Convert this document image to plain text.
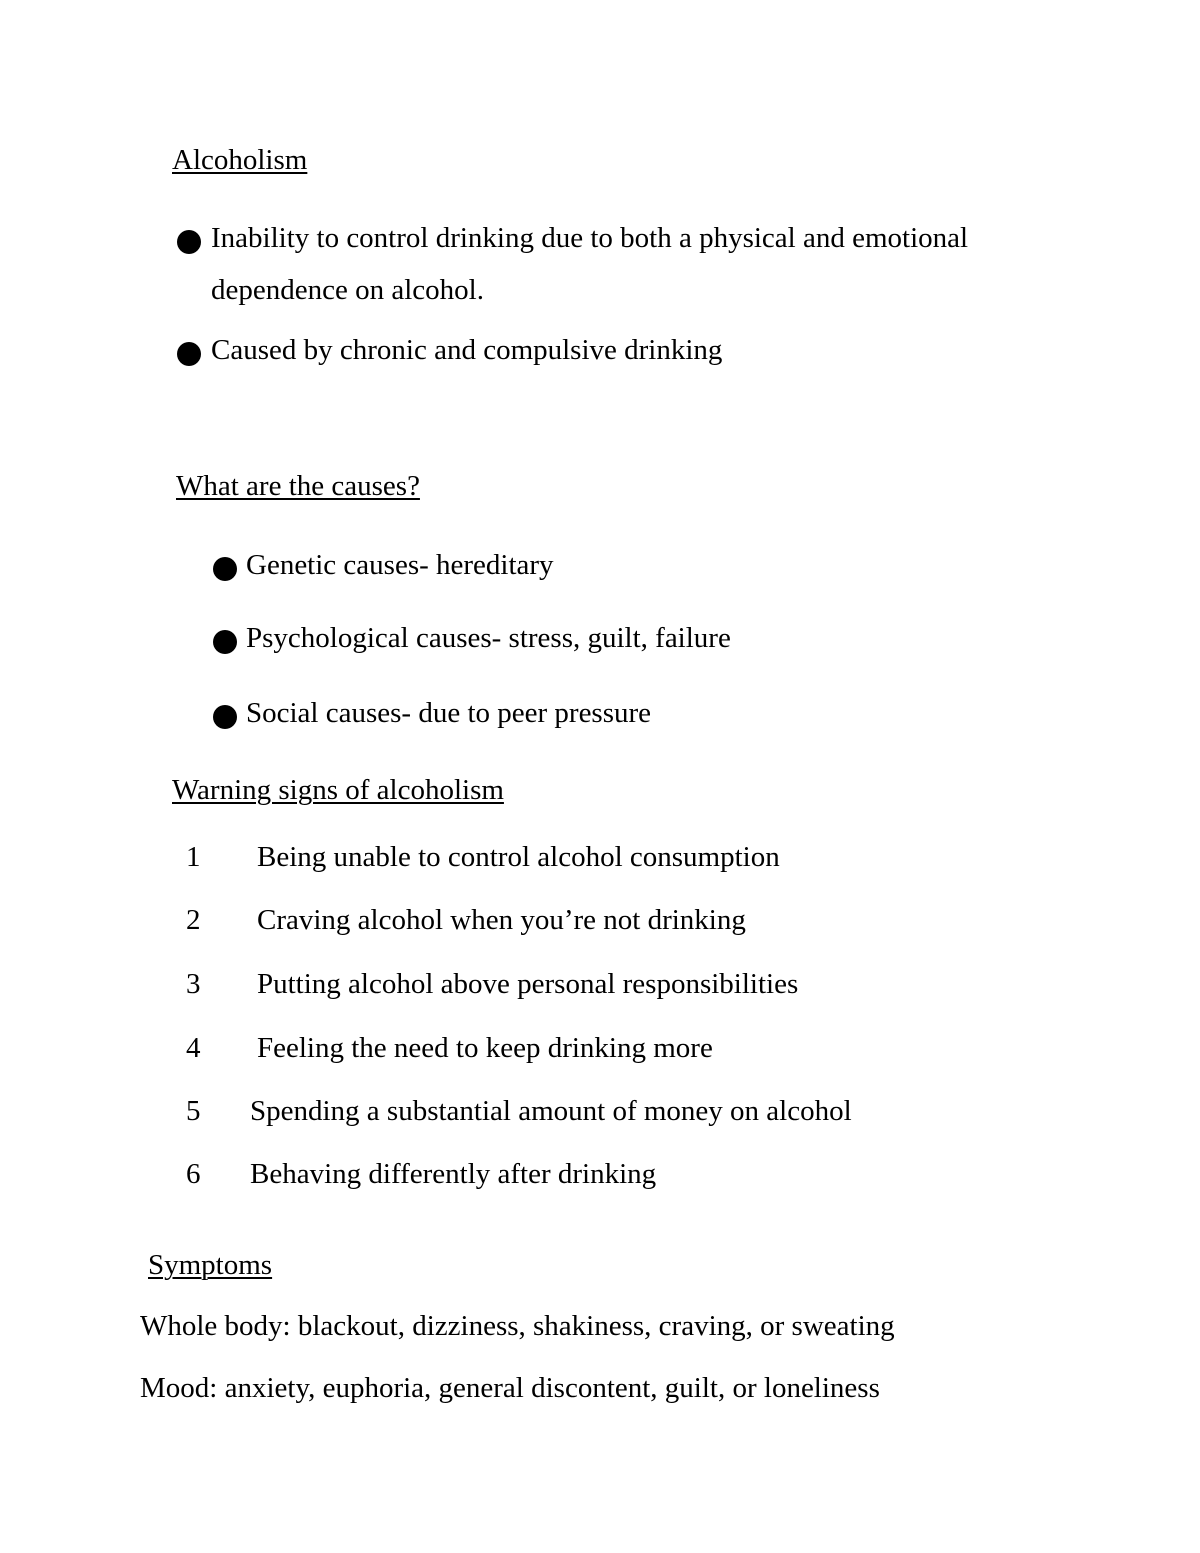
Alcoholism
Inability to control drinking due to both a physical and emotional
dependence on alcohol.
Caused by chronic and compulsive drinking
What are the causes?
Genetic causes- hereditary
Psychological causes- stress, guilt, failure
Social causes- due to peer pressure
Warning signs of alcoholism
1 Being unable to control alcohol consumption
2 Craving alcohol when you’re not drinking
3 Putting alcohol above personal responsibilities
4 Feeling the need to keep drinking more
5 Spending a substantial amount of money on alcohol
6 Behaving differently after drinking
Symptoms
Whole body: blackout, dizziness, shakiness, craving, or sweating
Mood: anxiety, euphoria, general discontent, guilt, or loneliness
